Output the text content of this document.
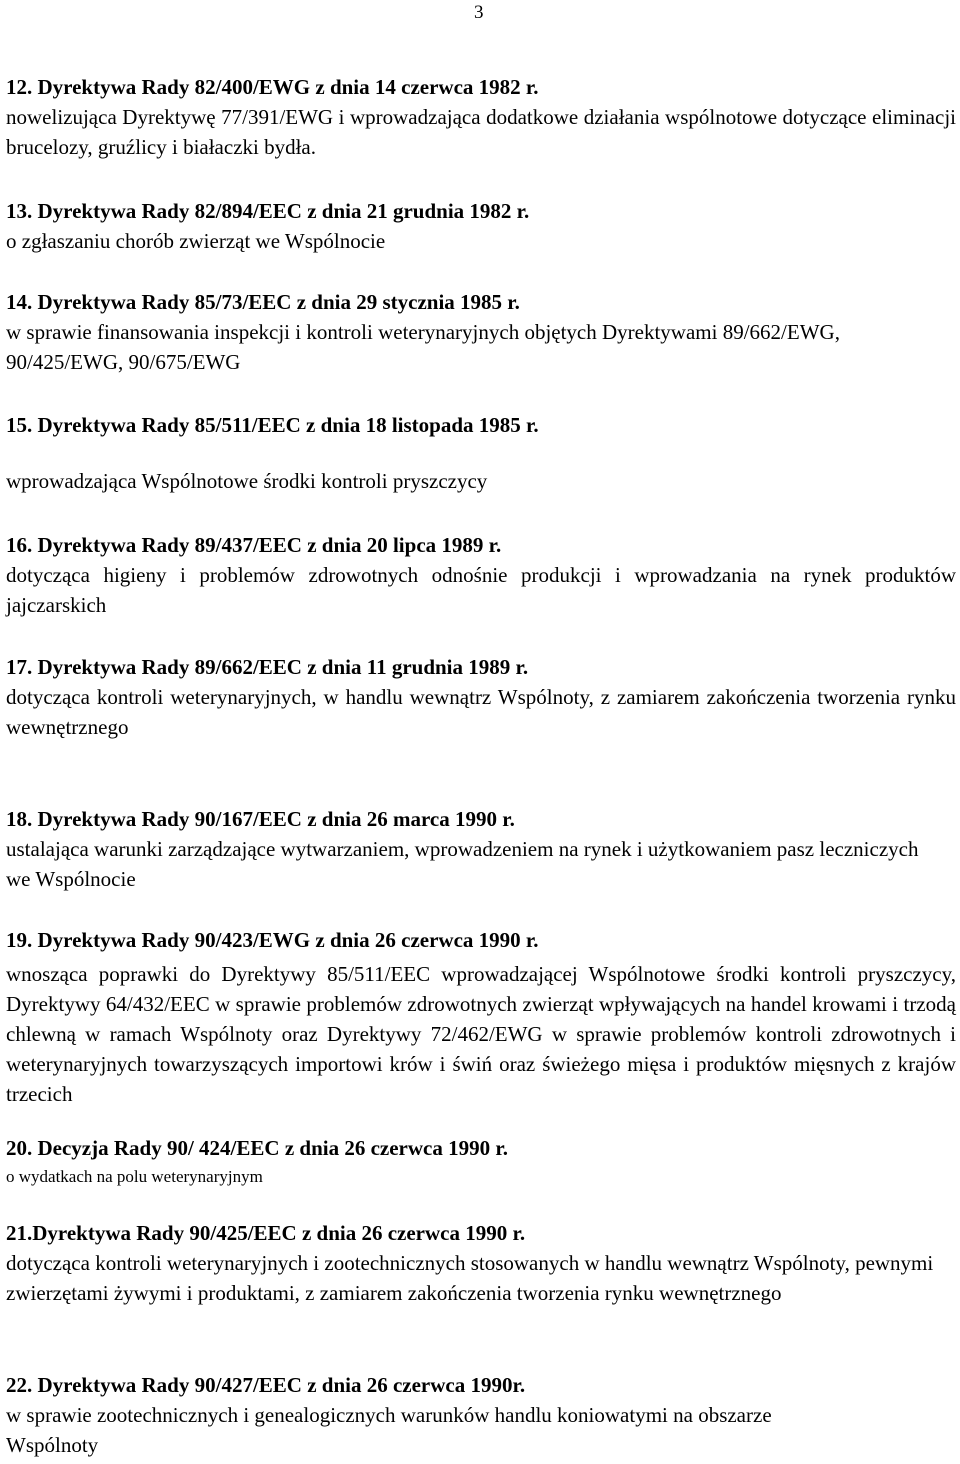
3
12. Dyrektywa Rady 82/400/EWG z dnia 14 czerwca 1982 r.
nowelizująca Dyrektywę 77/391/EWG i wprowadzająca dodatkowe działania wspólnotowe dotyczące eliminacji brucelozy, gruźlicy i białaczki bydła.
13. Dyrektywa Rady 82/894/EEC z dnia 21 grudnia 1982 r.
o zgłaszaniu chorób zwierząt we Wspólnocie
14. Dyrektywa Rady 85/73/EEC z dnia 29 stycznia 1985 r.
w sprawie finansowania inspekcji i kontroli weterynaryjnych objętych Dyrektywami 89/662/EWG, 90/425/EWG, 90/675/EWG
15. Dyrektywa Rady 85/511/EEC z dnia 18 listopada 1985 r.
wprowadzająca Wspólnotowe środki kontroli pryszczycy
16. Dyrektywa Rady 89/437/EEC z dnia 20 lipca 1989 r.
dotycząca higieny i problemów zdrowotnych odnośnie produkcji i wprowadzania na rynek produktów jajczarskich
17. Dyrektywa Rady 89/662/EEC z dnia 11 grudnia 1989 r.
dotycząca kontroli weterynaryjnych, w handlu wewnątrz Wspólnoty, z zamiarem zakończenia tworzenia rynku wewnętrznego
18. Dyrektywa Rady 90/167/EEC z dnia 26 marca 1990 r.
ustalająca warunki zarządzające wytwarzaniem, wprowadzeniem na rynek i użytkowaniem pasz leczniczych we Wspólnocie
19. Dyrektywa Rady 90/423/EWG z dnia 26 czerwca 1990 r.
wnosząca poprawki do Dyrektywy 85/511/EEC wprowadzającej Wspólnotowe środki kontroli pryszczycy, Dyrektywy 64/432/EEC w sprawie problemów zdrowotnych zwierząt wpływających na handel krowami i trzodą chlewną w ramach Wspólnoty oraz Dyrektywy 72/462/EWG w sprawie problemów kontroli zdrowotnych i weterynaryjnych towarzyszących importowi krów i świń oraz świeżego mięsa i produktów mięsnych z krajów trzecich
20. Decyzja Rady 90/ 424/EEC z dnia 26 czerwca 1990 r.
o wydatkach na polu weterynaryjnym
21.Dyrektywa Rady 90/425/EEC z dnia 26 czerwca 1990 r.
dotycząca kontroli weterynaryjnych i zootechnicznych stosowanych w handlu wewnątrz Wspólnoty, pewnymi zwierzętami żywymi i produktami, z zamiarem zakończenia tworzenia rynku wewnętrznego
22. Dyrektywa Rady 90/427/EEC z dnia 26 czerwca 1990r.
w sprawie zootechnicznych i genealogicznych warunków handlu koniowatymi na obszarze Wspólnoty
